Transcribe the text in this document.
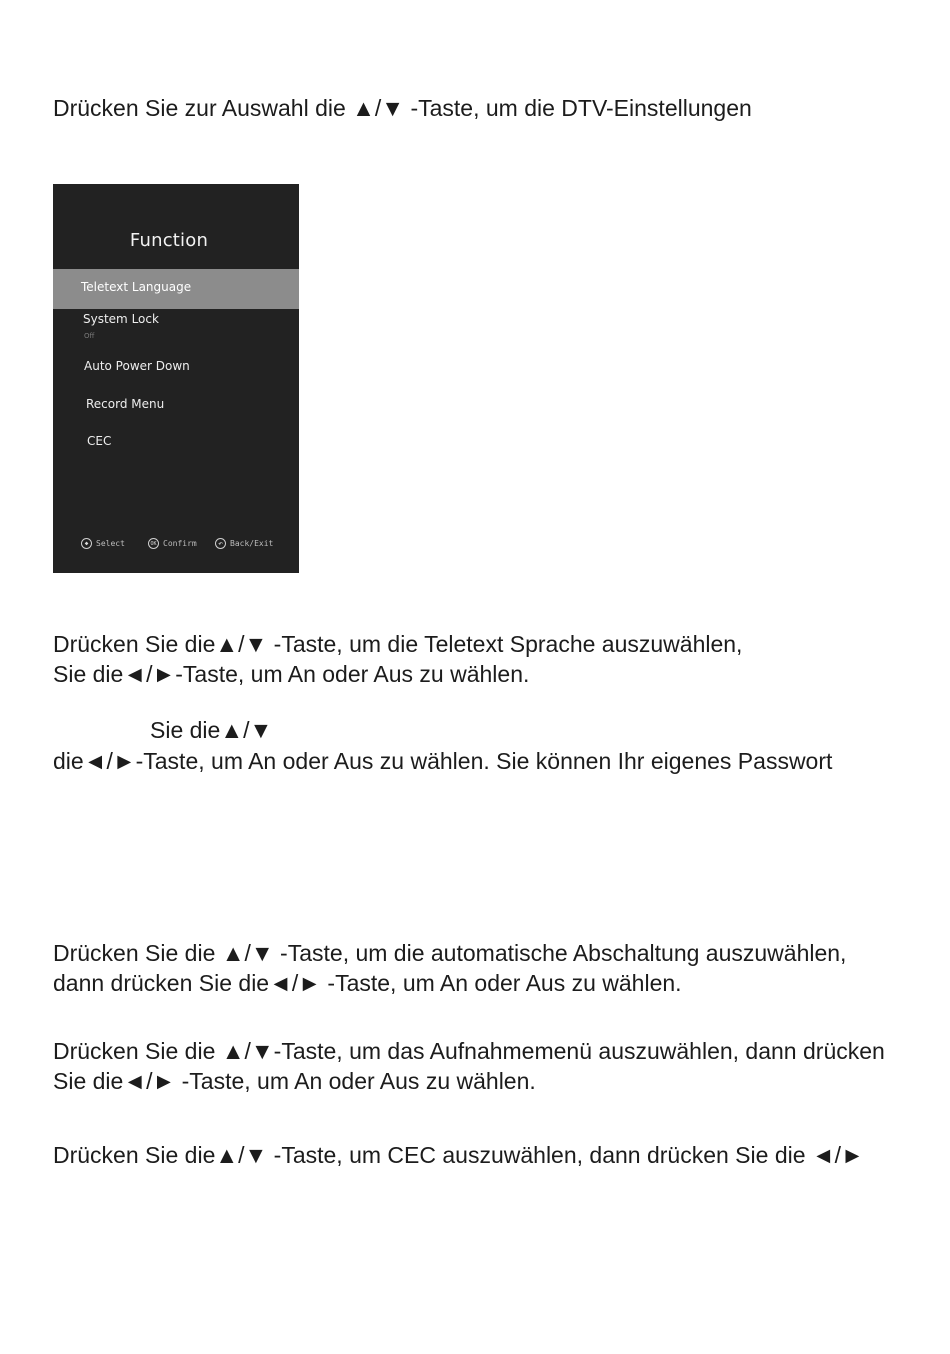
Drücken Sie zur Auswahl die ▲/▼ -Taste, um die DTV-Einstellungen
Function
Teletext Language
System Lock
Off
Auto Power Down
Record Menu
CEC
◆ Select	OK Confirm	↶ Back/Exit
Drücken Sie die▲/▼ -Taste, um die Teletext Sprache auszuwählen,
Sie die◄/►-Taste, um An oder Aus zu wählen.
Sie die▲/▼
die◄/►-Taste, um An oder Aus zu wählen. Sie können Ihr eigenes Passwort
Drücken Sie die ▲/▼ -Taste, um die automatische Abschaltung auszuwählen,
dann drücken Sie die◄/► -Taste, um An oder Aus zu wählen.
Drücken Sie die ▲/▼-Taste, um das Aufnahmemenü auszuwählen, dann drücken
Sie die◄/► -Taste, um An oder Aus zu wählen.
Drücken Sie die▲/▼ -Taste, um CEC auszuwählen, dann drücken Sie die ◄/►
